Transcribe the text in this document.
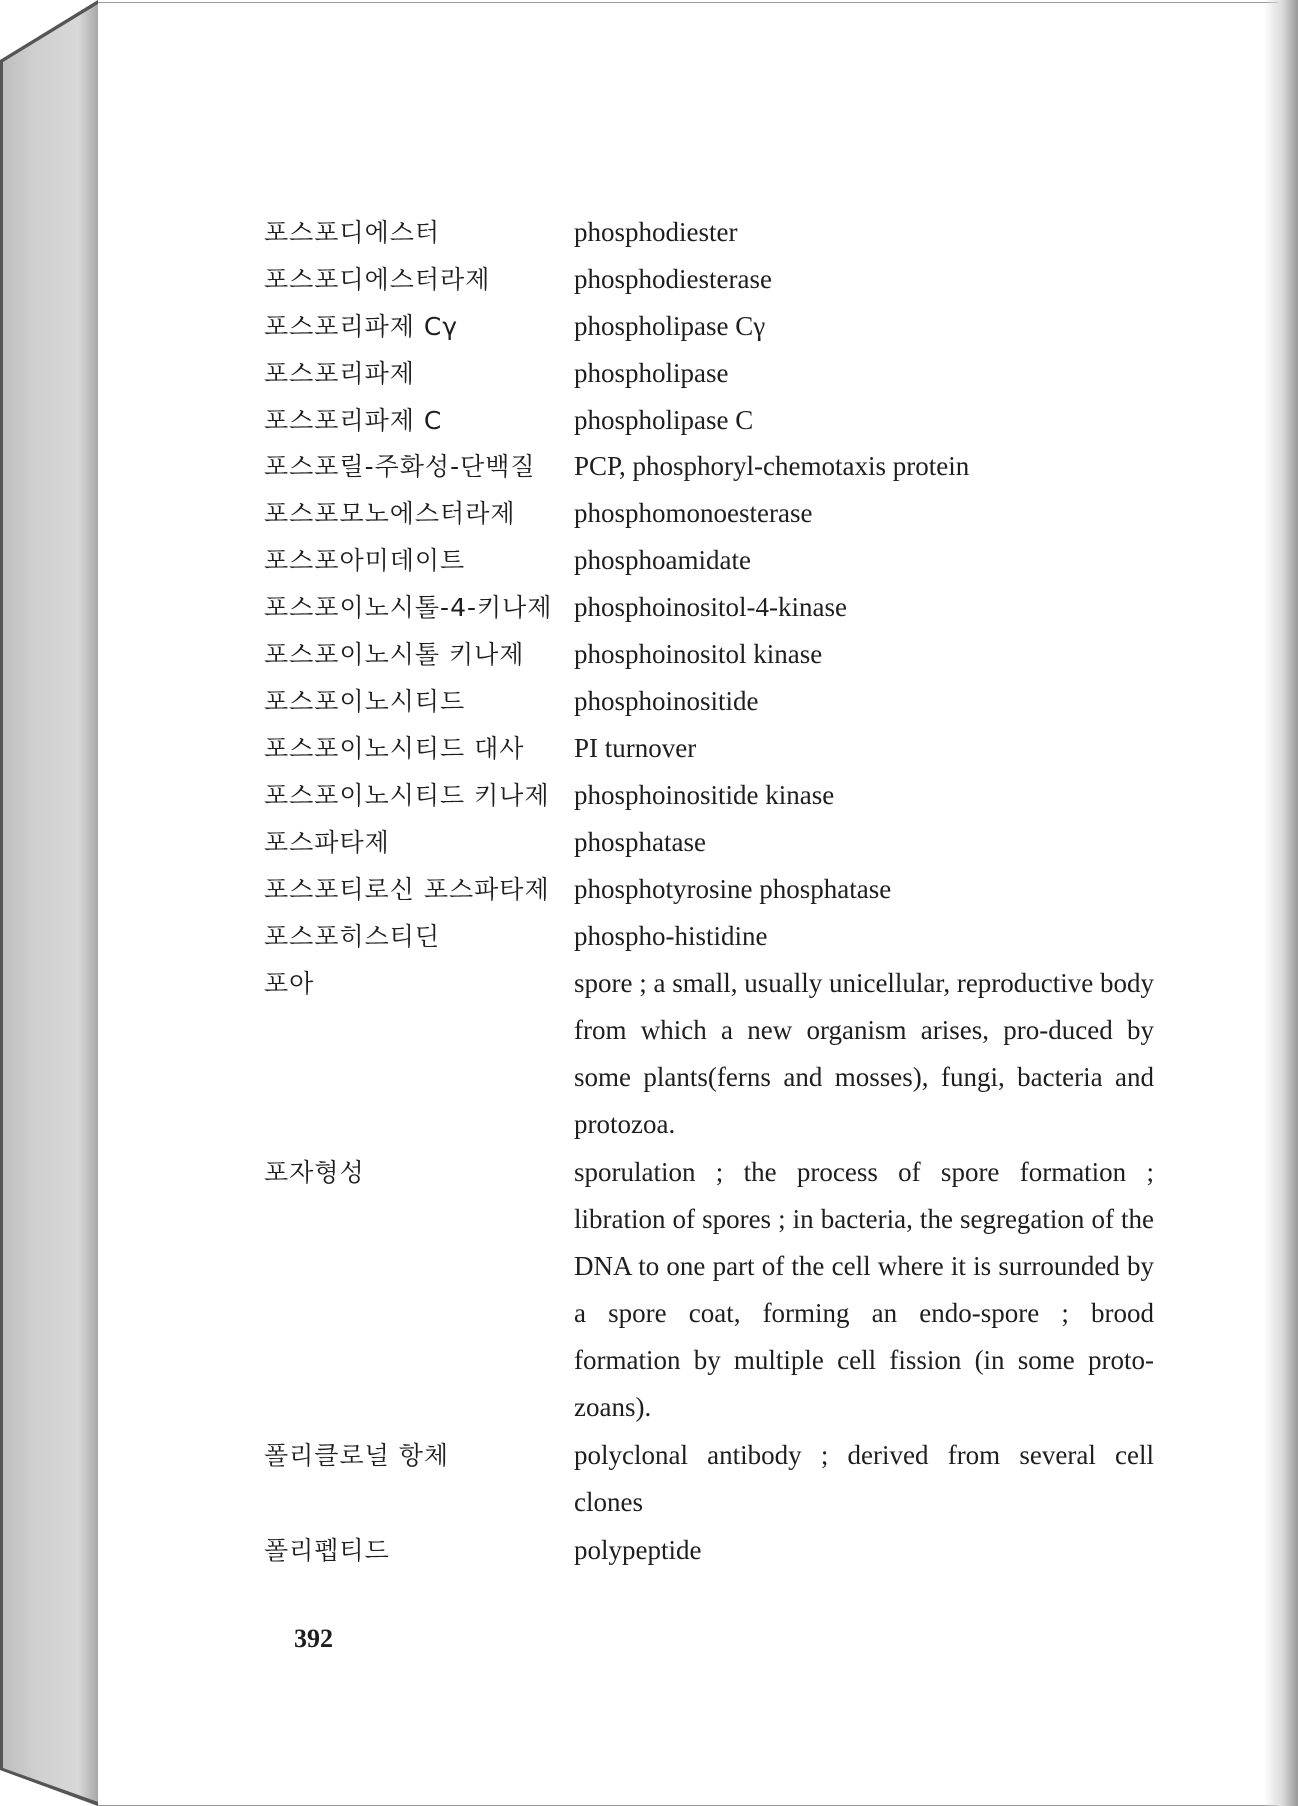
포스포디에스터	phosphodiester
포스포디에스터라제	phosphodiesterase
포스포리파제 Cγ	phospholipase Cγ
포스포리파제	phospholipase
포스포리파제 C	phospholipase C
포스포릴-주화성-단백질	PCP, phosphoryl-chemotaxis protein
포스포모노에스터라제	phosphomonoesterase
포스포아미데이트	phosphoamidate
포스포이노시톨-4-키나제 phosphoinositol-4-kinase
포스포이노시톨 키나제	phosphoinositol kinase
포스포이노시티드	phosphoinositide
포스포이노시티드 대사	PI turnover
포스포이노시티드 키나제 phosphoinositide kinase
포스파타제	phosphatase
포스포티로신 포스파타제 phosphotyrosine phosphatase
포스포히스티딘	phospho-histidine
포아	spore ; a small, usually unicellular, reproductive body from which a new organism arises, pro-duced by some plants(ferns and mosses), fungi, bacteria and protozoa.
포자형성	sporulation ; the process of spore formation ; libration of spores ; in bacteria, the segregation of the DNA to one part of the cell where it is surrounded by a spore coat, forming an endo-spore ; brood formation by multiple cell fission (in some proto-zoans).
폴리클로널 항체	polyclonal antibody ; derived from several cell clones
폴리펩티드	polypeptide
392
